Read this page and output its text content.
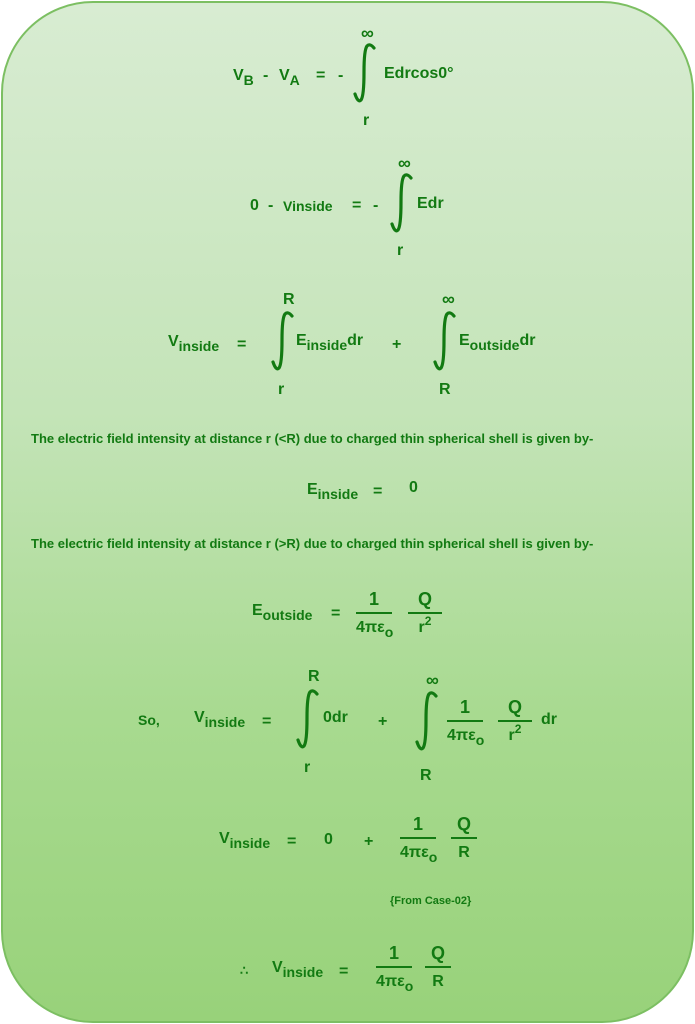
VB - VA = -
∞
Edrcos0°
r
0 - Vinside = -
∞
Edr
r
Vinside =
R
Einsidedr
r
+
∞
Eoutsidedr
R
The electric field intensity at distance r (<R) due to charged thin spherical shell is given by-
Einside = 0
The electric field intensity at distance r (>R) due to charged thin spherical shell is given by-
Eoutside =
1
4πεo
Q
$r^2$
So, Vinside =
R
0dr
r
+
∞
1
4πεo
Q
$r^2$
dr
R
Vinside = 0 +
1
4πεo
Q
R
{From Case-02}
∴ Vinside =
1
4πεo
Q
R
